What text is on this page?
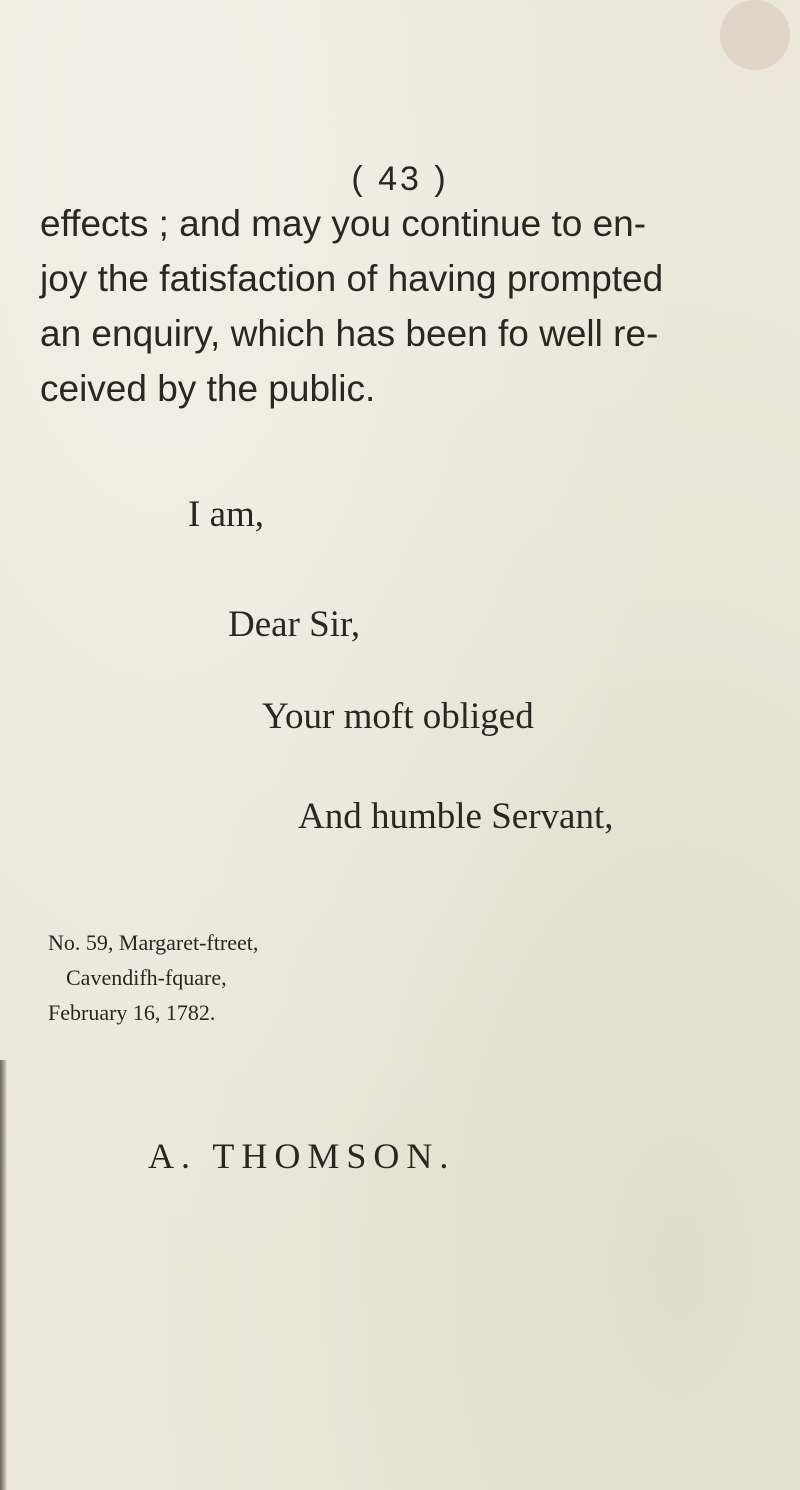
( 43 )
effects ; and may you continue to en-
joy the fatisfaction of having prompted
an enquiry, which has been fo well re-
ceived by the public.
I am,
Dear Sir,
Your moft obliged
And humble Servant,
No. 59, Margaret-ftreet,
Cavendifh-fquare,
February 16, 1782.
A. THOMSON.
